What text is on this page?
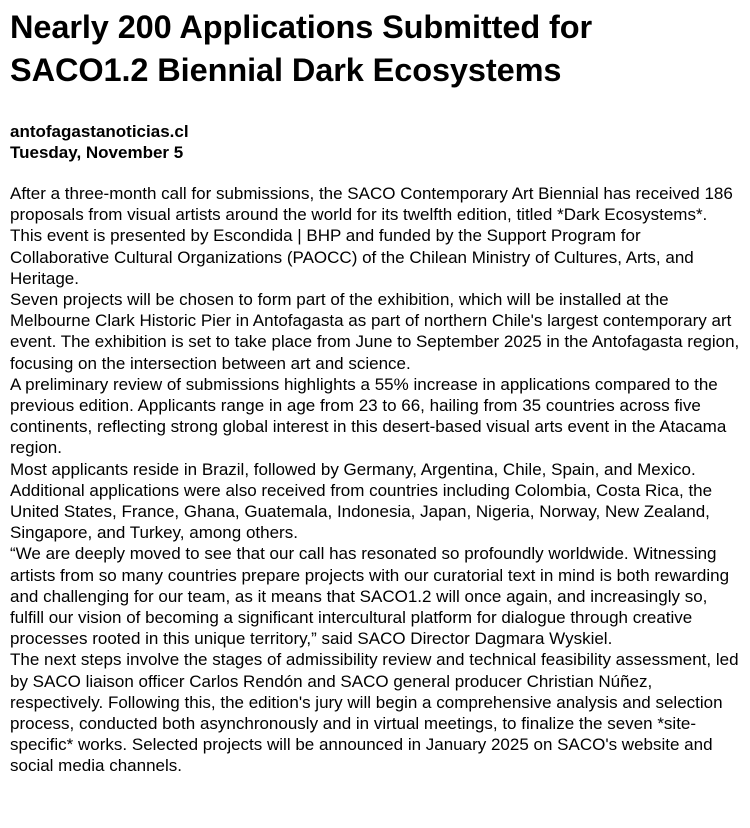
Nearly 200 Applications Submitted for
SACO1.2 Biennial Dark Ecosystems
antofagastanoticias.cl
Tuesday, November 5

After a three-month call for submissions, the SACO Contemporary Art Biennial has received 186 proposals from visual artists around the world for its twelfth edition, titled *Dark Ecosystems*. This event is presented by Escondida | BHP and funded by the Support Program for Collaborative Cultural Organizations (PAOCC) of the Chilean Ministry of Cultures, Arts, and Heritage.

Seven projects will be chosen to form part of the exhibition, which will be installed at the Melbourne Clark Historic Pier in Antofagasta as part of northern Chile's largest contemporary art event. The exhibition is set to take place from June to September 2025 in the Antofagasta region, focusing on the intersection between art and science.

A preliminary review of submissions highlights a 55% increase in applications compared to the previous edition. Applicants range in age from 23 to 66, hailing from 35 countries across five continents, reflecting strong global interest in this desert-based visual arts event in the Atacama region.

Most applicants reside in Brazil, followed by Germany, Argentina, Chile, Spain, and Mexico. Additional applications were also received from countries including Colombia, Costa Rica, the United States, France, Ghana, Guatemala, Indonesia, Japan, Nigeria, Norway, New Zealand, Singapore, and Turkey, among others.

“We are deeply moved to see that our call has resonated so profoundly worldwide. Witnessing artists from so many countries prepare projects with our curatorial text in mind is both rewarding and challenging for our team, as it means that SACO1.2 will once again, and increasingly so, fulfill our vision of becoming a significant intercultural platform for dialogue through creative processes rooted in this unique territory,” said SACO Director Dagmara Wyskiel.

The next steps involve the stages of admissibility review and technical feasibility assessment, led by SACO liaison officer Carlos Rendón and SACO general producer Christian Núñez, respectively. Following this, the edition's jury will begin a comprehensive analysis and selection process, conducted both asynchronously and in virtual meetings, to finalize the seven *site-specific* works. Selected projects will be announced in January 2025 on SACO's website and social media channels.
